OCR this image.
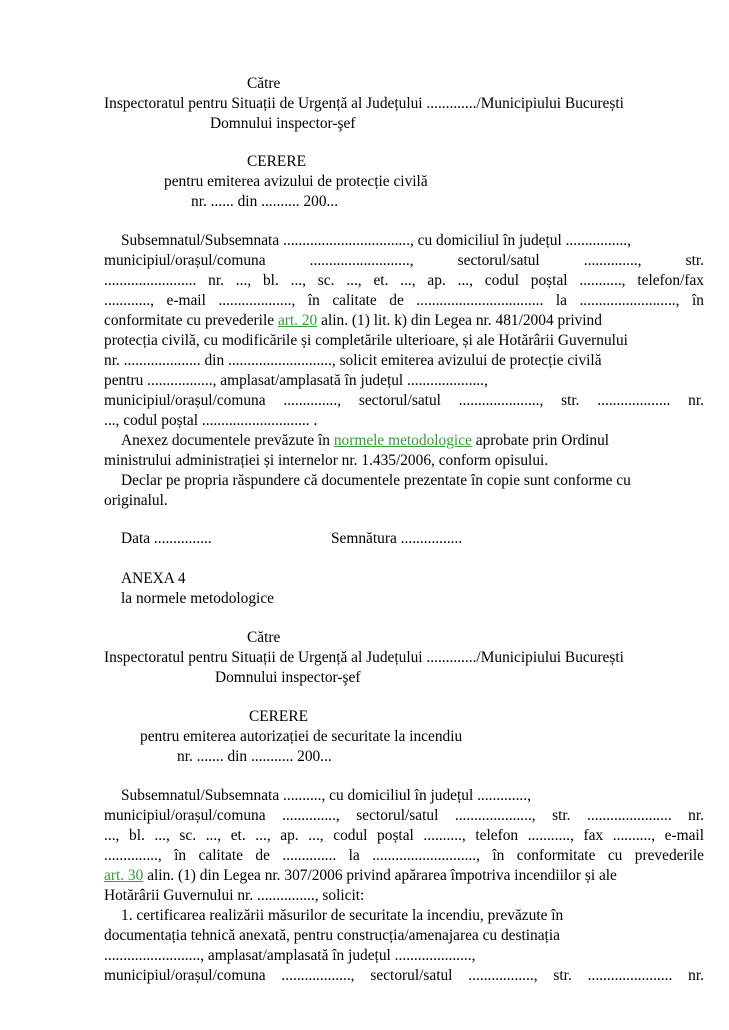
Către
Inspectoratul pentru Situații de Urgență al Județului ............./Municipiului București
Domnului inspector-şef
CERERE
pentru emiterea avizului de protecție civilă
nr. ...... din .......... 200...
Subsemnatul/Subsemnata ................................., cu domiciliul în județul ................,
municipiul/orașul/comuna .........................., sectorul/satul .............., str.
........................ nr. ..., bl. ..., sc. ..., et. ..., ap. ..., codul poștal ..........., telefon/fax
............, e-mail ..................., în calitate de ................................. la ........................., în
conformitate cu prevederile art. 20 alin. (1) lit. k) din Legea nr. 481/2004 privind
protecția civilă, cu modificările și completările ulterioare, și ale Hotărârii Guvernului
nr. .................... din ..........................., solicit emiterea avizului de protecție civilă
pentru ................., amplasat/amplasată în județul ....................,
municipiul/orașul/comuna .............., sectorul/satul ....................., str. ................... nr.
..., codul poștal ............................ .
Anexez documentele prevăzute în normele metodologice aprobate prin Ordinul
ministrului administrației și internelor nr. 1.435/2006, conform opisului.
Declar pe propria răspundere că documentele prezentate în copie sunt conforme cu
originalul.
Data ...............	Semnătura ................
ANEXA 4
la normele metodologice
Către
Inspectoratul pentru Situații de Urgență al Județului ............./Municipiului București
Domnului inspector-şef
CERERE
pentru emiterea autorizației de securitate la incendiu
nr. ....... din ........... 200...
Subsemnatul/Subsemnata .........., cu domiciliul în județul .............,
municipiul/orașul/comuna .............., sectorul/satul ...................., str. ...................... nr.
..., bl. ..., sc. ..., et. ..., ap. ..., codul poștal .........., telefon ..........., fax .........., e-mail
.............., în calitate de .............. la ..........................., în conformitate cu prevederile
art. 30 alin. (1) din Legea nr. 307/2006 privind apărarea împotriva incendiilor și ale
Hotărârii Guvernului nr. ..............., solicit:
1. certificarea realizării măsurilor de securitate la incendiu, prevăzute în
documentația tehnică anexată, pentru construcția/amenajarea cu destinația
........................., amplasat/amplasată în județul ....................,
municipiul/orașul/comuna .................., sectorul/satul ................., str. ...................... nr.
